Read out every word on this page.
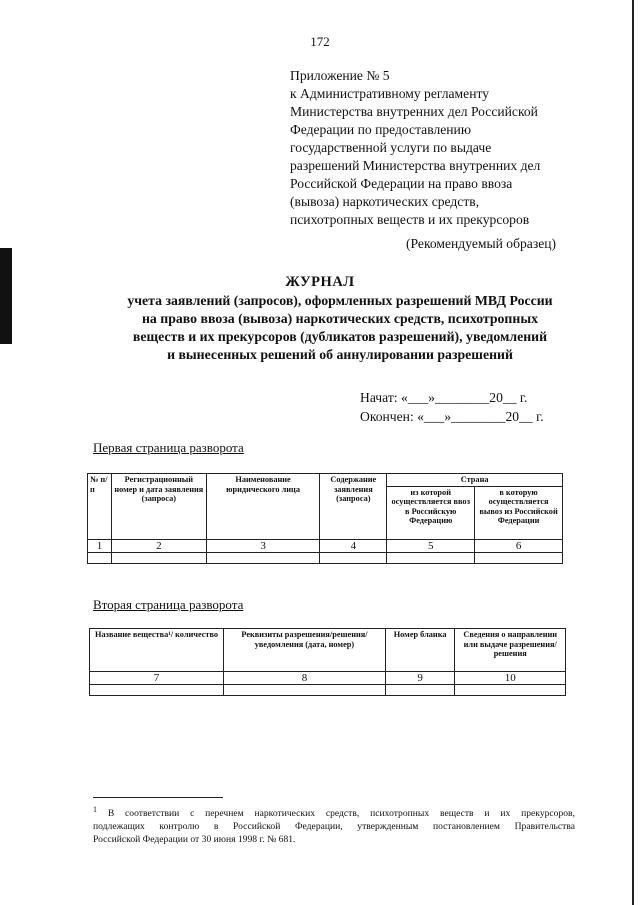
172
Приложение № 5
к Административному регламенту
Министерства внутренних дел Российской
Федерации по предоставлению
государственной услуги по выдаче
разрешений Министерства внутренних дел
Российской Федерации на право ввоза
(вывоза) наркотических средств,
психотропных веществ и их прекурсоров
(Рекомендуемый образец)
ЖУРНАЛ
учета заявлений (запросов), оформленных разрешений МВД России
на право ввоза (вывоза) наркотических средств, психотропных
веществ и их прекурсоров (дубликатов разрешений), уведомлений
и вынесенных решений об аннулировании разрешений
Начат: «___»________20__ г.
Окончен: «___»________20__ г.
Первая страница разворота
№ п/п	Регистрационный номер и дата заявления (запроса)	Наименование юридического лица	Содержание заявления (запроса)	Страна	
				из которой осуществляется ввоз в Российскую Федерацию	в которую осуществляется вывоз из Российской Федерации
1	2	3	4	5	6

Вторая страница разворота
Название вещества¹/ количество	Реквизиты разрешения/решения/уведомления (дата, номер)	Номер бланка	Сведения о направлении или выдаче разрешения/ решения
7	8	9	10

$^1$ В соответствии с перечнем наркотических средств, психотропных веществ и их прекурсоров,
подлежащих контролю в Российской Федерации, утвержденным постановлением Правительства
Российской Федерации от 30 июня 1998 г. № 681.
